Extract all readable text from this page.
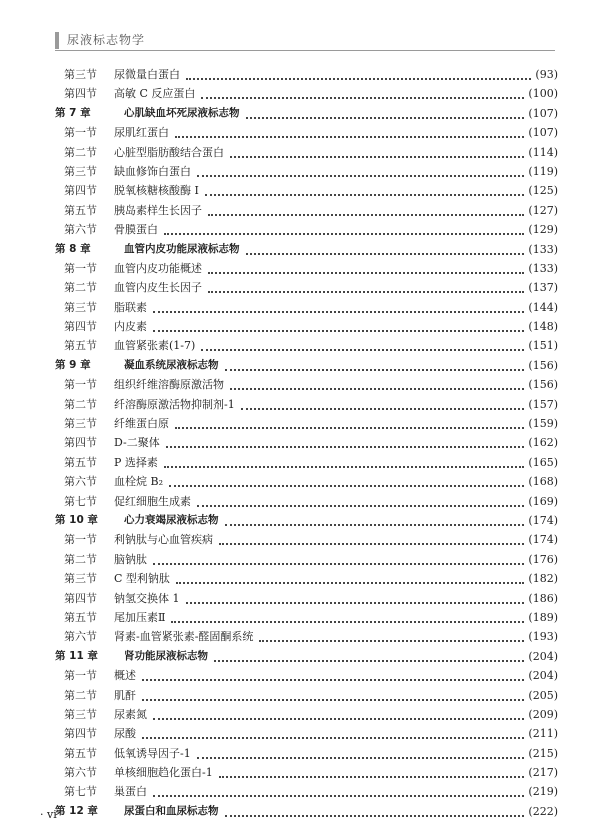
尿液标志物学
第三节 尿微量白蛋白	(93)
第四节 高敏 C 反应蛋白	(100)
第 7 章	心肌缺血坏死尿液标志物	(107)
第一节 尿肌红蛋白	(107)
第二节 心脏型脂肪酸结合蛋白	(114)
第三节 缺血修饰白蛋白	(119)
第四节 脱氧核糖核酸酶 I	(125)
第五节 胰岛素样生长因子	(127)
第六节 骨膜蛋白	(129)
第 8 章	血管内皮功能尿液标志物	(133)
第一节 血管内皮功能概述	(133)
第二节 血管内皮生长因子	(137)
第三节 脂联素	(144)
第四节 内皮素	(148)
第五节 血管紧张素(1-7)	(151)
第 9 章	凝血系统尿液标志物	(156)
第一节 组织纤维溶酶原激活物	(156)
第二节 纤溶酶原激活物抑制剂-1	(157)
第三节 纤维蛋白原	(159)
第四节 D-二聚体	(162)
第五节 P 选择素	(165)
第六节 血栓烷 B₂	(168)
第七节 促红细胞生成素	(169)
第 10 章 心力衰竭尿液标志物	(174)
第一节 利钠肽与心血管疾病	(174)
第二节 脑钠肽	(176)
第三节 C 型利钠肽	(182)
第四节 钠氢交换体 1	(186)
第五节 尾加压素Ⅱ	(189)
第六节 肾素-血管紧张素-醛固酮系统	(193)
第 11 章 肾功能尿液标志物	(204)
第一节 概述	(204)
第二节 肌酐	(205)
第三节 尿素氮	(209)
第四节 尿酸	(211)
第五节 低氧诱导因子-1	(215)
第六节 单核细胞趋化蛋白-1	(217)
第七节 巢蛋白	(219)
第 12 章 尿蛋白和血尿标志物	(222)
· vi ·
